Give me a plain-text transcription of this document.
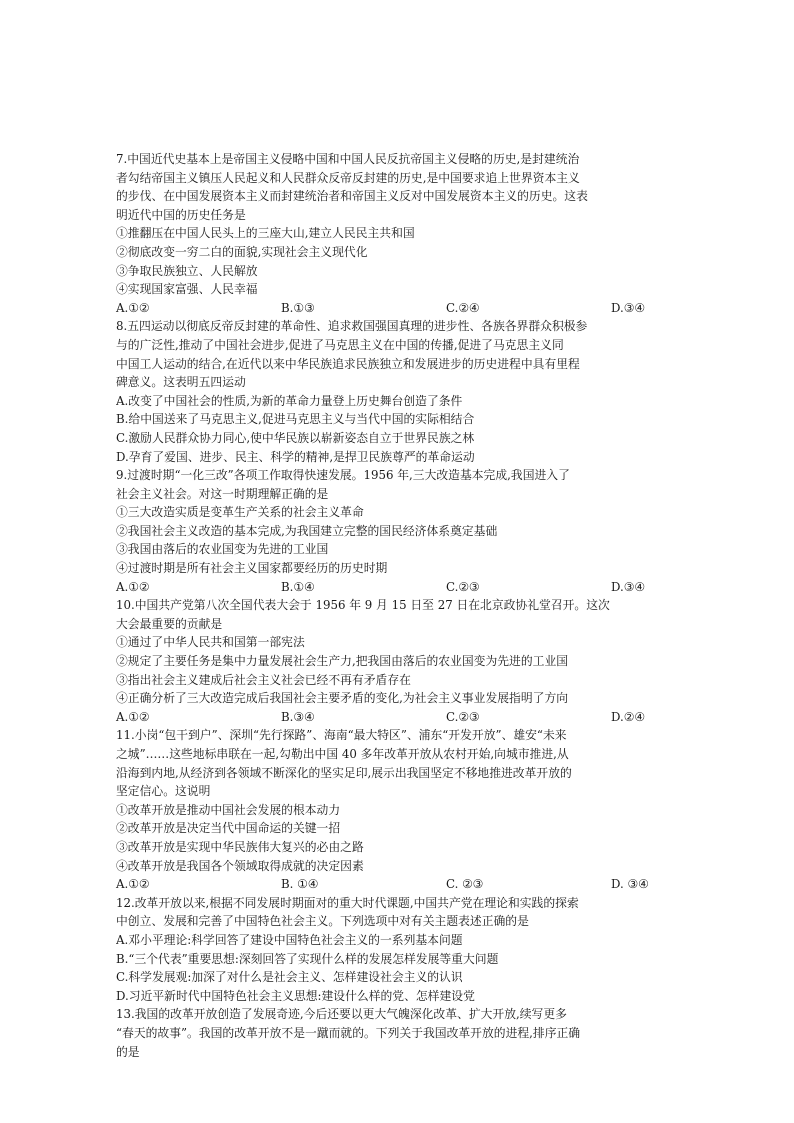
7.中国近代史基本上是帝国主义侵略中国和中国人民反抗帝国主义侵略的历史,是封建统治
者勾结帝国主义镇压人民起义和人民群众反帝反封建的历史,是中国要求追上世界资本主义
的步伐、在中国发展资本主义而封建统治者和帝国主义反对中国发展资本主义的历史。这表
明近代中国的历史任务是
①推翻压在中国人民头上的三座大山,建立人民民主共和国
②彻底改变一穷二白的面貌,实现社会主义现代化
③争取民族独立、人民解放
④实现国家富强、人民幸福
A.①②	B.①③	C.②④	D.③④
8.五四运动以彻底反帝反封建的革命性、追求救国强国真理的进步性、各族各界群众积极参
与的广泛性,推动了中国社会进步,促进了马克思主义在中国的传播,促进了马克思主义同
中国工人运动的结合,在近代以来中华民族追求民族独立和发展进步的历史进程中具有里程
碑意义。这表明五四运动
A.改变了中国社会的性质,为新的革命力量登上历史舞台创造了条件
B.给中国送来了马克思主义,促进马克思主义与当代中国的实际相结合
C.激励人民群众协力同心,使中华民族以崭新姿态自立于世界民族之林
D.孕育了爱国、进步、民主、科学的精神,是捍卫民族尊严的革命运动
9.过渡时期“一化三改”各项工作取得快速发展。1956 年,三大改造基本完成,我国进入了
社会主义社会。对这一时期理解正确的是
①三大改造实质是变革生产关系的社会主义革命
②我国社会主义改造的基本完成,为我国建立完整的国民经济体系奠定基础
③我国由落后的农业国变为先进的工业国
④过渡时期是所有社会主义国家都要经历的历史时期
A.①②	B.①④	C.②③	D.③④
10.中国共产党第八次全国代表大会于 1956 年 9 月 15 日至 27 日在北京政协礼堂召开。这次
大会最重要的贡献是
①通过了中华人民共和国第一部宪法
②规定了主要任务是集中力量发展社会生产力,把我国由落后的农业国变为先进的工业国
③指出社会主义建成后社会主义社会已经不再有矛盾存在
④正确分析了三大改造完成后我国社会主要矛盾的变化,为社会主义事业发展指明了方向
A.①②	B.③④	C.②③	D.②④
11.小岗“包干到户”、深圳“先行探路”、海南“最大特区”、浦东“开发开放”、雄安“未来
之城”……这些地标串联在一起,勾勒出中国 40 多年改革开放从农村开始,向城市推进,从
沿海到内地,从经济到各领域不断深化的坚实足印,展示出我国坚定不移地推进改革开放的
坚定信心。这说明
①改革开放是推动中国社会发展的根本动力
②改革开放是决定当代中国命运的关键一招
③改革开放是实现中华民族伟大复兴的必由之路
④改革开放是我国各个领域取得成就的决定因素
A.①②	B. ①④	C. ②③	D. ③④
12.改革开放以来,根据不同发展时期面对的重大时代课题,中国共产党在理论和实践的探索
中创立、发展和完善了中国特色社会主义。下列选项中对有关主题表述正确的是
A.邓小平理论:科学回答了建设中国特色社会主义的一系列基本问题
B.“三个代表”重要思想:深刻回答了实现什么样的发展怎样发展等重大问题
C.科学发展观:加深了对什么是社会主义、怎样建设社会主义的认识
D.习近平新时代中国特色社会主义思想:建设什么样的党、怎样建设党
13.我国的改革开放创造了发展奇迹,今后还要以更大气魄深化改革、扩大开放,续写更多
“春天的故事”。我国的改革开放不是一蹴而就的。下列关于我国改革开放的进程,排序正确
的是
